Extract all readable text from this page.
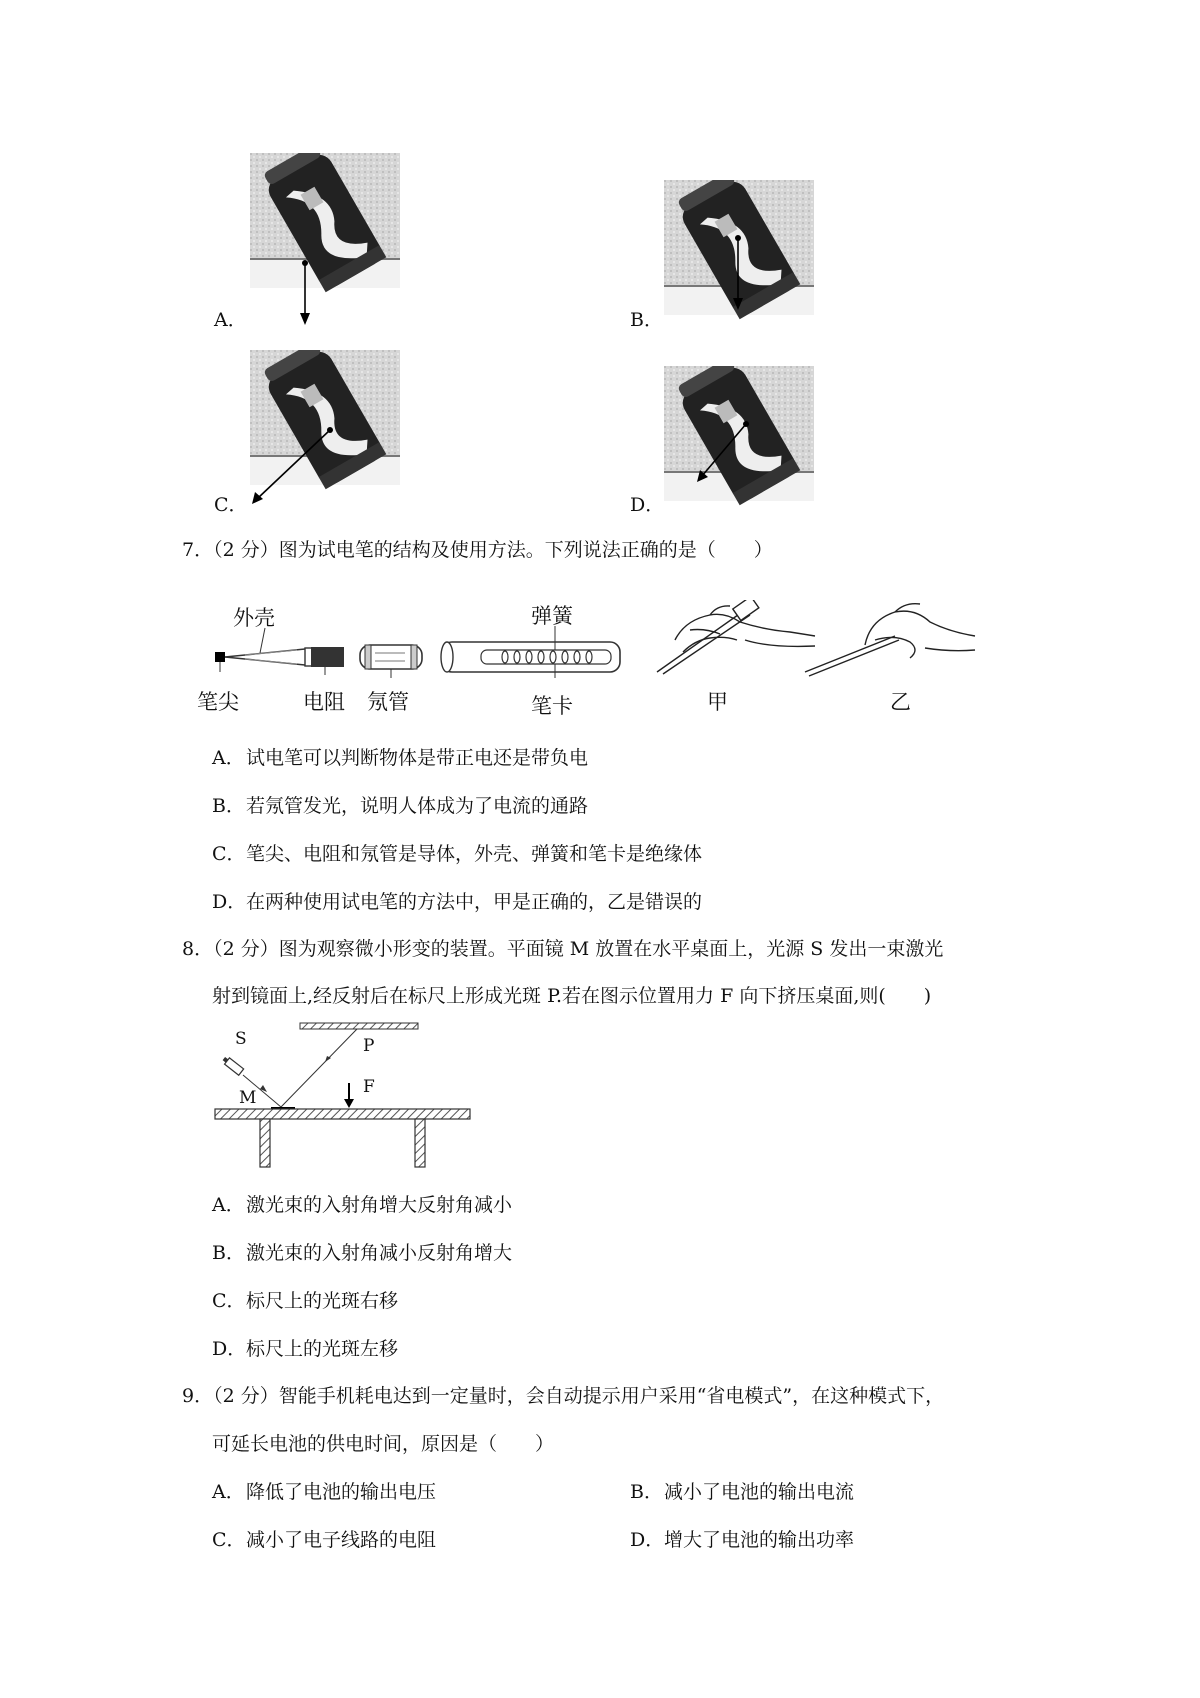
A．	B．
C．	D．
7．（2 分）图为试电笔的结构及使用方法。下列说法正确的是（　　）
外壳
笔尖	电阻 氖管
弹簧
笔卡	甲	乙
A． 试电笔可以判断物体是带正电还是带负电
B． 若氖管发光，说明人体成为了电流的通路
C． 笔尖、电阻和氖管是导体，外壳、弹簧和笔卡是绝缘体
D． 在两种使用试电笔的方法中，甲是正确的，乙是错误的
8．（2 分）图为观察微小形变的装置。平面镜 M 放置在水平桌面上，光源 S 发出一束激光
射到镜面上,经反射后在标尺上形成光斑 P.若在图示位置用力 F 向下挤压桌面,则(　　)
S	P
M
F
A． 激光束的入射角增大反射角减小
B． 激光束的入射角减小反射角增大
C． 标尺上的光斑右移
D． 标尺上的光斑左移
9．（2 分）智能手机耗电达到一定量时，会自动提示用户采用“省电模式”，在这种模式下，
可延长电池的供电时间，原因是（　　）
A． 降低了电池的输出电压	B． 减小了电池的输出电流
C． 减小了电子线路的电阻	D． 增大了电池的输出功率
